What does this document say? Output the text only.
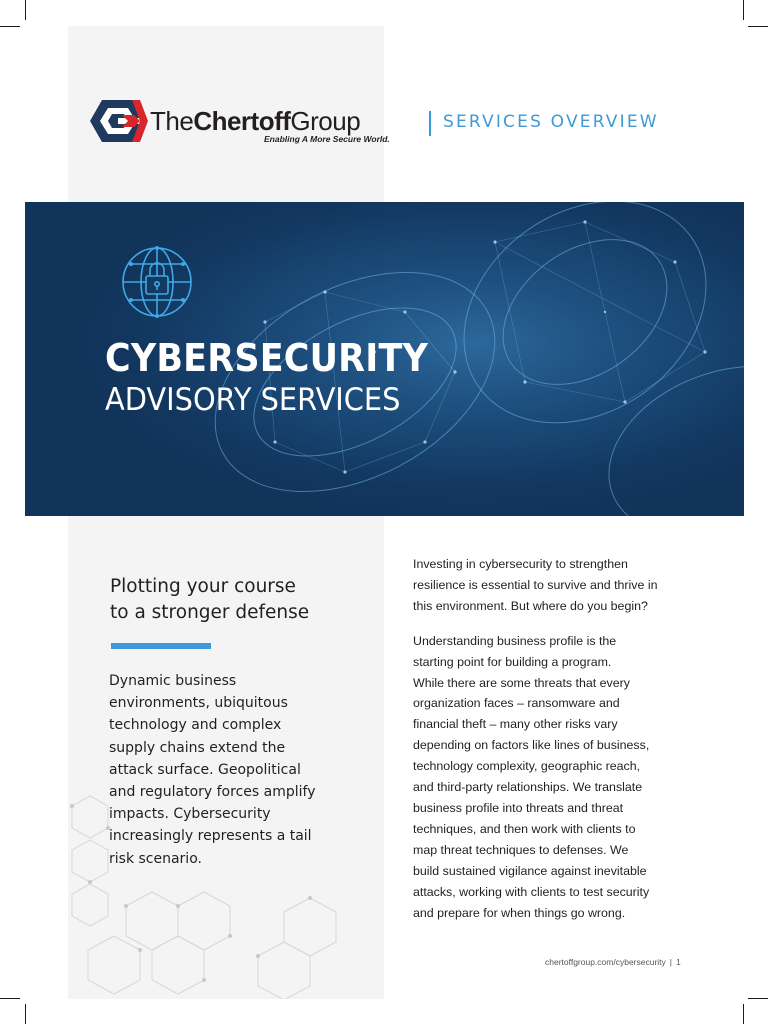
TheChertoffGroup
Enabling A More Secure World.
SERVICES OVERVIEW
CYBERSECURITY
ADVISORY SERVICES
Plotting your course
to a stronger defense
Dynamic business
environments, ubiquitous
technology and complex
supply chains extend the
attack surface. Geopolitical
and regulatory forces amplify
impacts. Cybersecurity
increasingly represents a tail
risk scenario.

Investing in cybersecurity to strengthen
resilience is essential to survive and thrive in
this environment. But where do you begin?

Understanding business profile is the
starting point for building a program.
While there are some threats that every
organization faces – ransomware and
financial theft – many other risks vary
depending on factors like lines of business,
technology complexity, geographic reach,
and third-party relationships. We translate
business profile into threats and threat
techniques, and then work with clients to
map threat techniques to defenses. We
build sustained vigilance against inevitable
attacks, working with clients to test security
and prepare for when things go wrong.

chertoffgroup.com/cybersecurity | 1
